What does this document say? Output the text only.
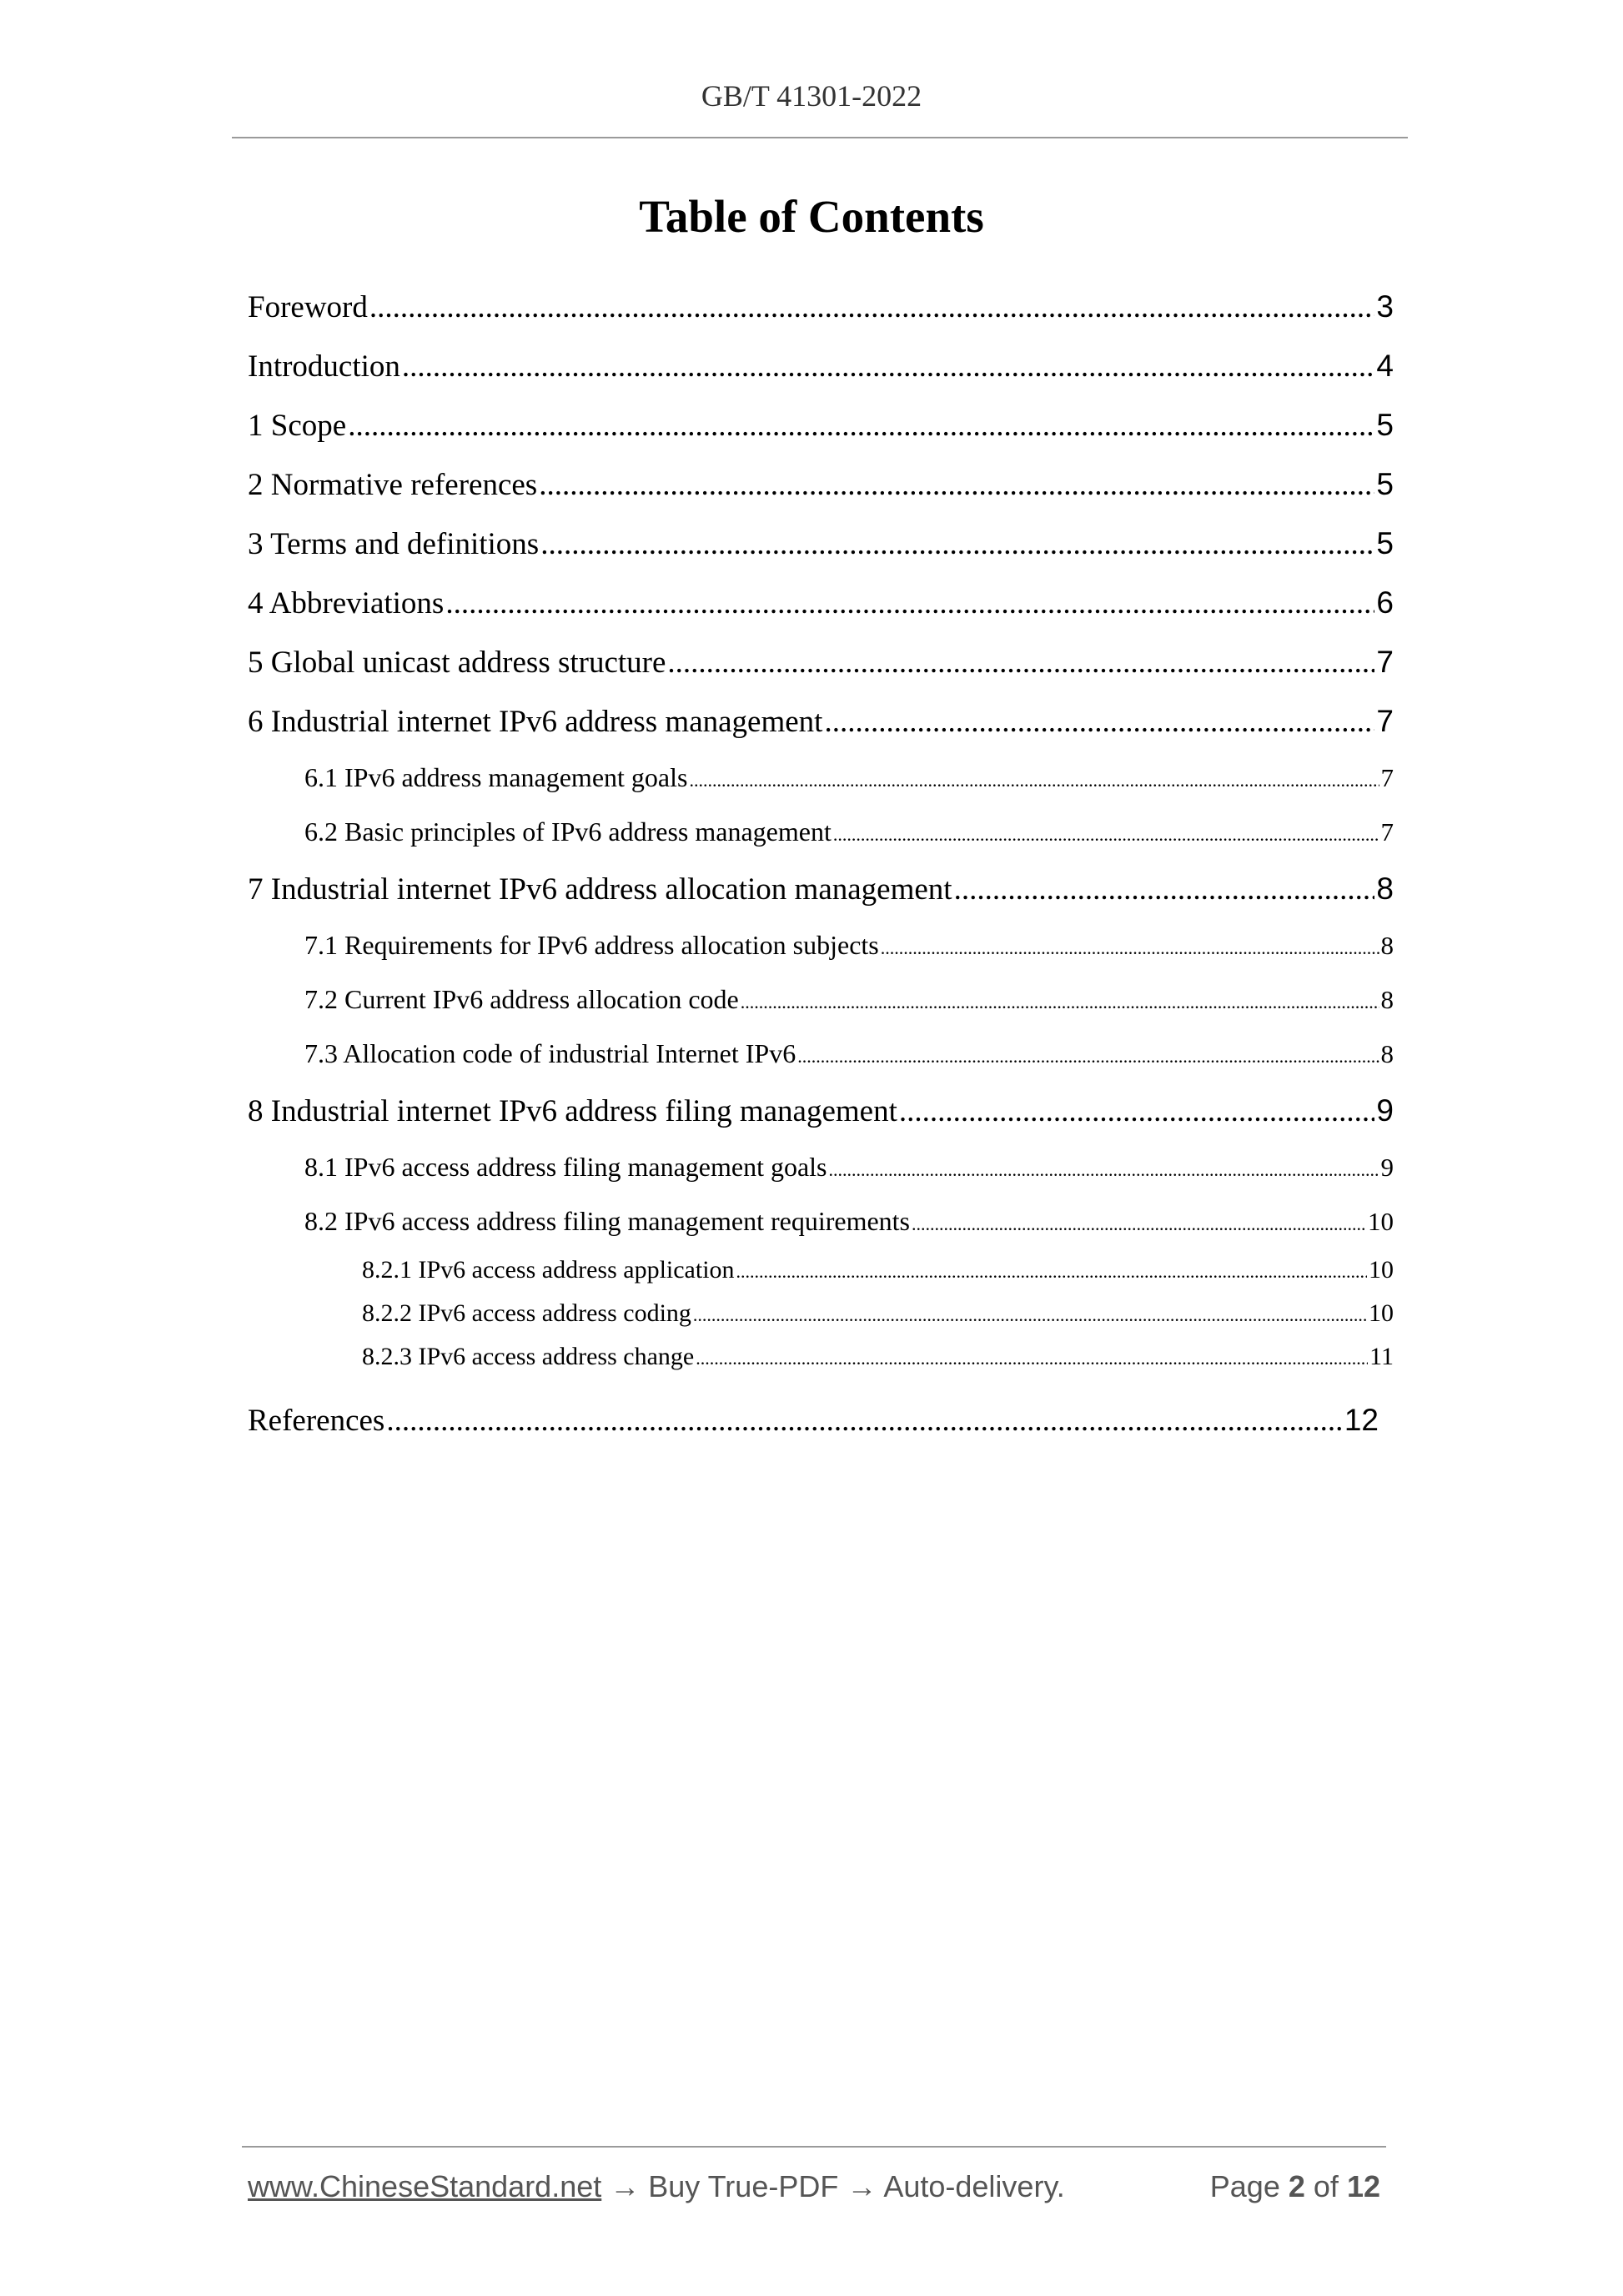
GB/T 41301-2022
Table of Contents
Foreword .....	3
Introduction .....	4
1 Scope .....	5
2 Normative references .....	5
3 Terms and definitions .....	5
4 Abbreviations .....	6
5 Global unicast address structure .....	7
6 Industrial internet IPv6 address management .....	7
6.1 IPv6 address management goals .....	7
6.2 Basic principles of IPv6 address management .....	7
7 Industrial internet IPv6 address allocation management .....	8
7.1 Requirements for IPv6 address allocation subjects .....	8
7.2 Current IPv6 address allocation code .....	8
7.3 Allocation code of industrial Internet IPv6 .....	8
8 Industrial internet IPv6 address filing management .....	9
8.1 IPv6 access address filing management goals .....	9
8.2 IPv6 access address filing management requirements .....	10
8.2.1 IPv6 access address application .....	10
8.2.2 IPv6 access address coding .....	10
8.2.3 IPv6 access address change .....	11
References .....	12
www.ChineseStandard.net → Buy True-PDF → Auto-delivery.	Page 2 of 12
